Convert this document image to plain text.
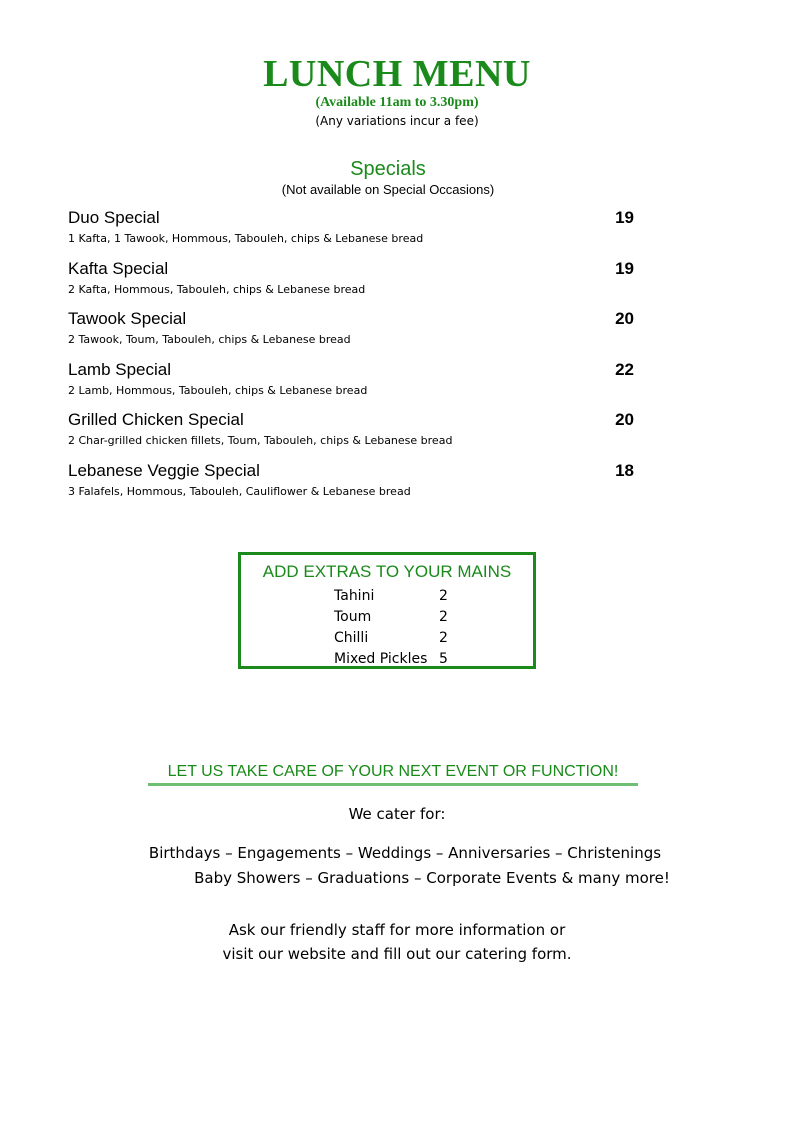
LUNCH MENU
(Available 11am to 3.30pm)
(Any variations incur a fee)
Specials
(Not available on Special Occasions)
Duo Special	19
1 Kafta, 1 Tawook, Hommous, Tabouleh, chips & Lebanese bread
Kafta Special	19
2 Kafta, Hommous, Tabouleh, chips & Lebanese bread
Tawook Special	20
2 Tawook, Toum, Tabouleh, chips & Lebanese bread
Lamb Special	22
2 Lamb, Hommous, Tabouleh, chips & Lebanese bread
Grilled Chicken Special	20
2 Char-grilled chicken fillets, Toum, Tabouleh, chips & Lebanese bread
Lebanese Veggie Special	18
3 Falafels, Hommous, Tabouleh, Cauliflower & Lebanese bread
ADD EXTRAS TO YOUR MAINS
Tahini	2
Toum	2
Chilli	2
Mixed Pickles 5
LET US TAKE CARE OF YOUR NEXT EVENT OR FUNCTION!
We cater for:
Birthdays – Engagements – Weddings – Anniversaries – Christenings
Baby Showers – Graduations – Corporate Events & many more!
Ask our friendly staff for more information or
visit our website and fill out our catering form.
